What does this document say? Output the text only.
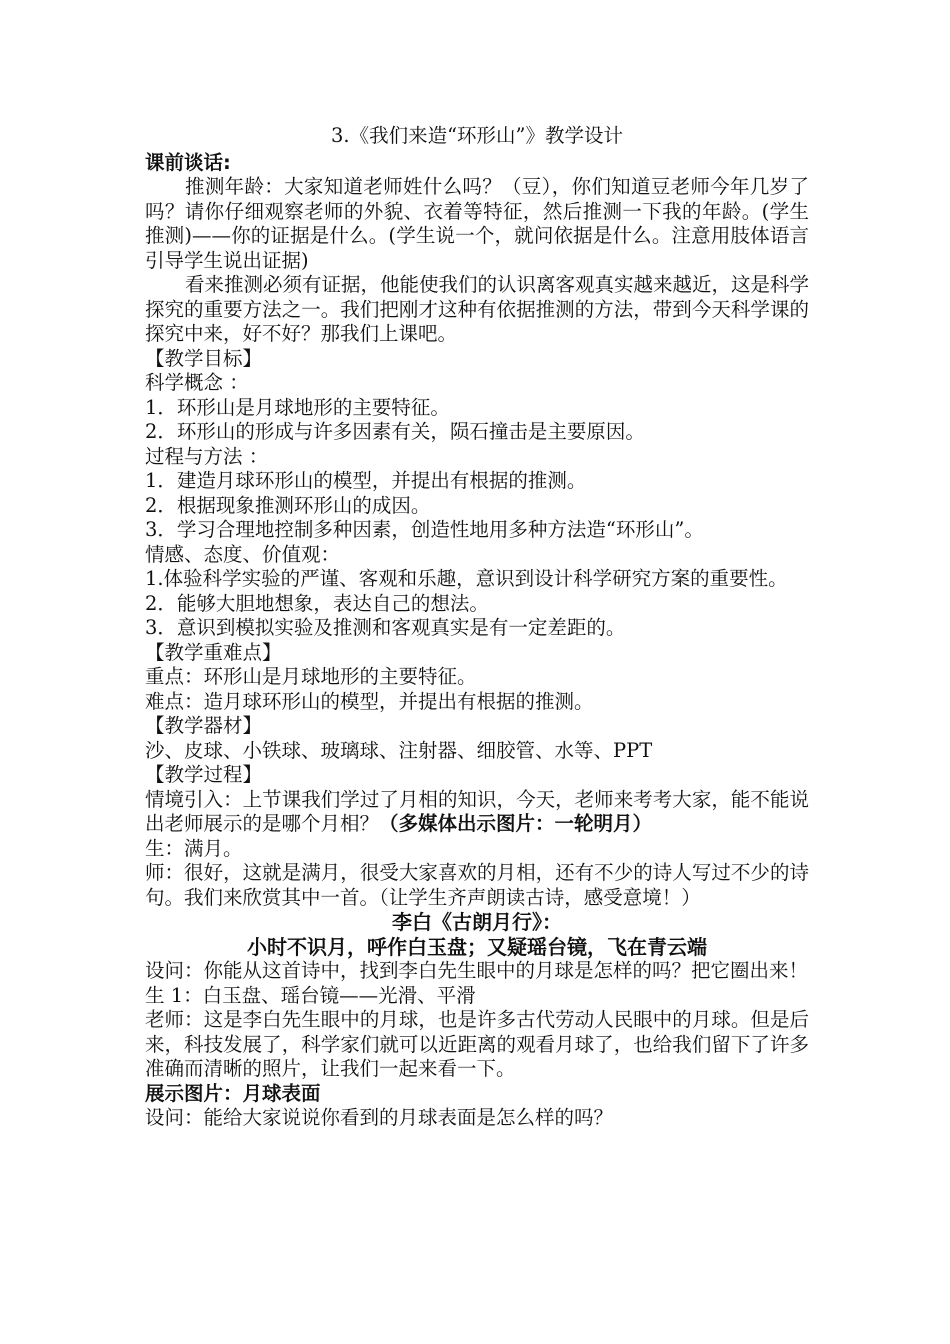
3.《我们来造“环形山”》教学设计
课前谈话:
推测年龄：大家知道老师姓什么吗？（豆），你们知道豆老师今年几岁了吗？请你仔细观察老师的外貌、衣着等特征，然后推测一下我的年龄。(学生推测)——你的证据是什么。(学生说一个，就问依据是什么。注意用肢体语言引导学生说出证据)
看来推测必须有证据，他能使我们的认识离客观真实越来越近，这是科学探究的重要方法之一。我们把刚才这种有依据推测的方法，带到今天科学课的探究中来，好不好？那我们上课吧。
【教学目标】
科学概念 ：
1．环形山是月球地形的主要特征。
2．环形山的形成与许多因素有关，陨石撞击是主要原因。
过程与方法 ：
1．建造月球环形山的模型，并提出有根据的推测。
2．根据现象推测环形山的成因。
3．学习合理地控制多种因素，创造性地用多种方法造“环形山”。
情感、态度、价值观：
1.体验科学实验的严谨、客观和乐趣，意识到设计科学研究方案的重要性。
2．能够大胆地想象，表达自己的想法。
3．意识到模拟实验及推测和客观真实是有一定差距的。
【教学重难点】
重点：环形山是月球地形的主要特征。
难点：造月球环形山的模型，并提出有根据的推测。
【教学器材】
沙、皮球、小铁球、玻璃球、注射器、细胶管、水等、PPT
【教学过程】
情境引入：上节课我们学过了月相的知识，今天，老师来考考大家，能不能说出老师展示的是哪个月相？（多媒体出示图片：一轮明月）
生：满月。
师：很好，这就是满月，很受大家喜欢的月相，还有不少的诗人写过不少的诗句。我们来欣赏其中一首。（让学生齐声朗读古诗，感受意境！）
李白《古朗月行》：
小时不识月，呼作白玉盘；又疑瑶台镜，飞在青云端
设问：你能从这首诗中，找到李白先生眼中的月球是怎样的吗？把它圈出来！
生 1：白玉盘、瑶台镜——光滑、平滑
老师：这是李白先生眼中的月球，也是许多古代劳动人民眼中的月球。但是后来，科技发展了，科学家们就可以近距离的观看月球了，也给我们留下了许多准确而清晰的照片，让我们一起来看一下。
展示图片：月球表面
设问：能给大家说说你看到的月球表面是怎么样的吗？
